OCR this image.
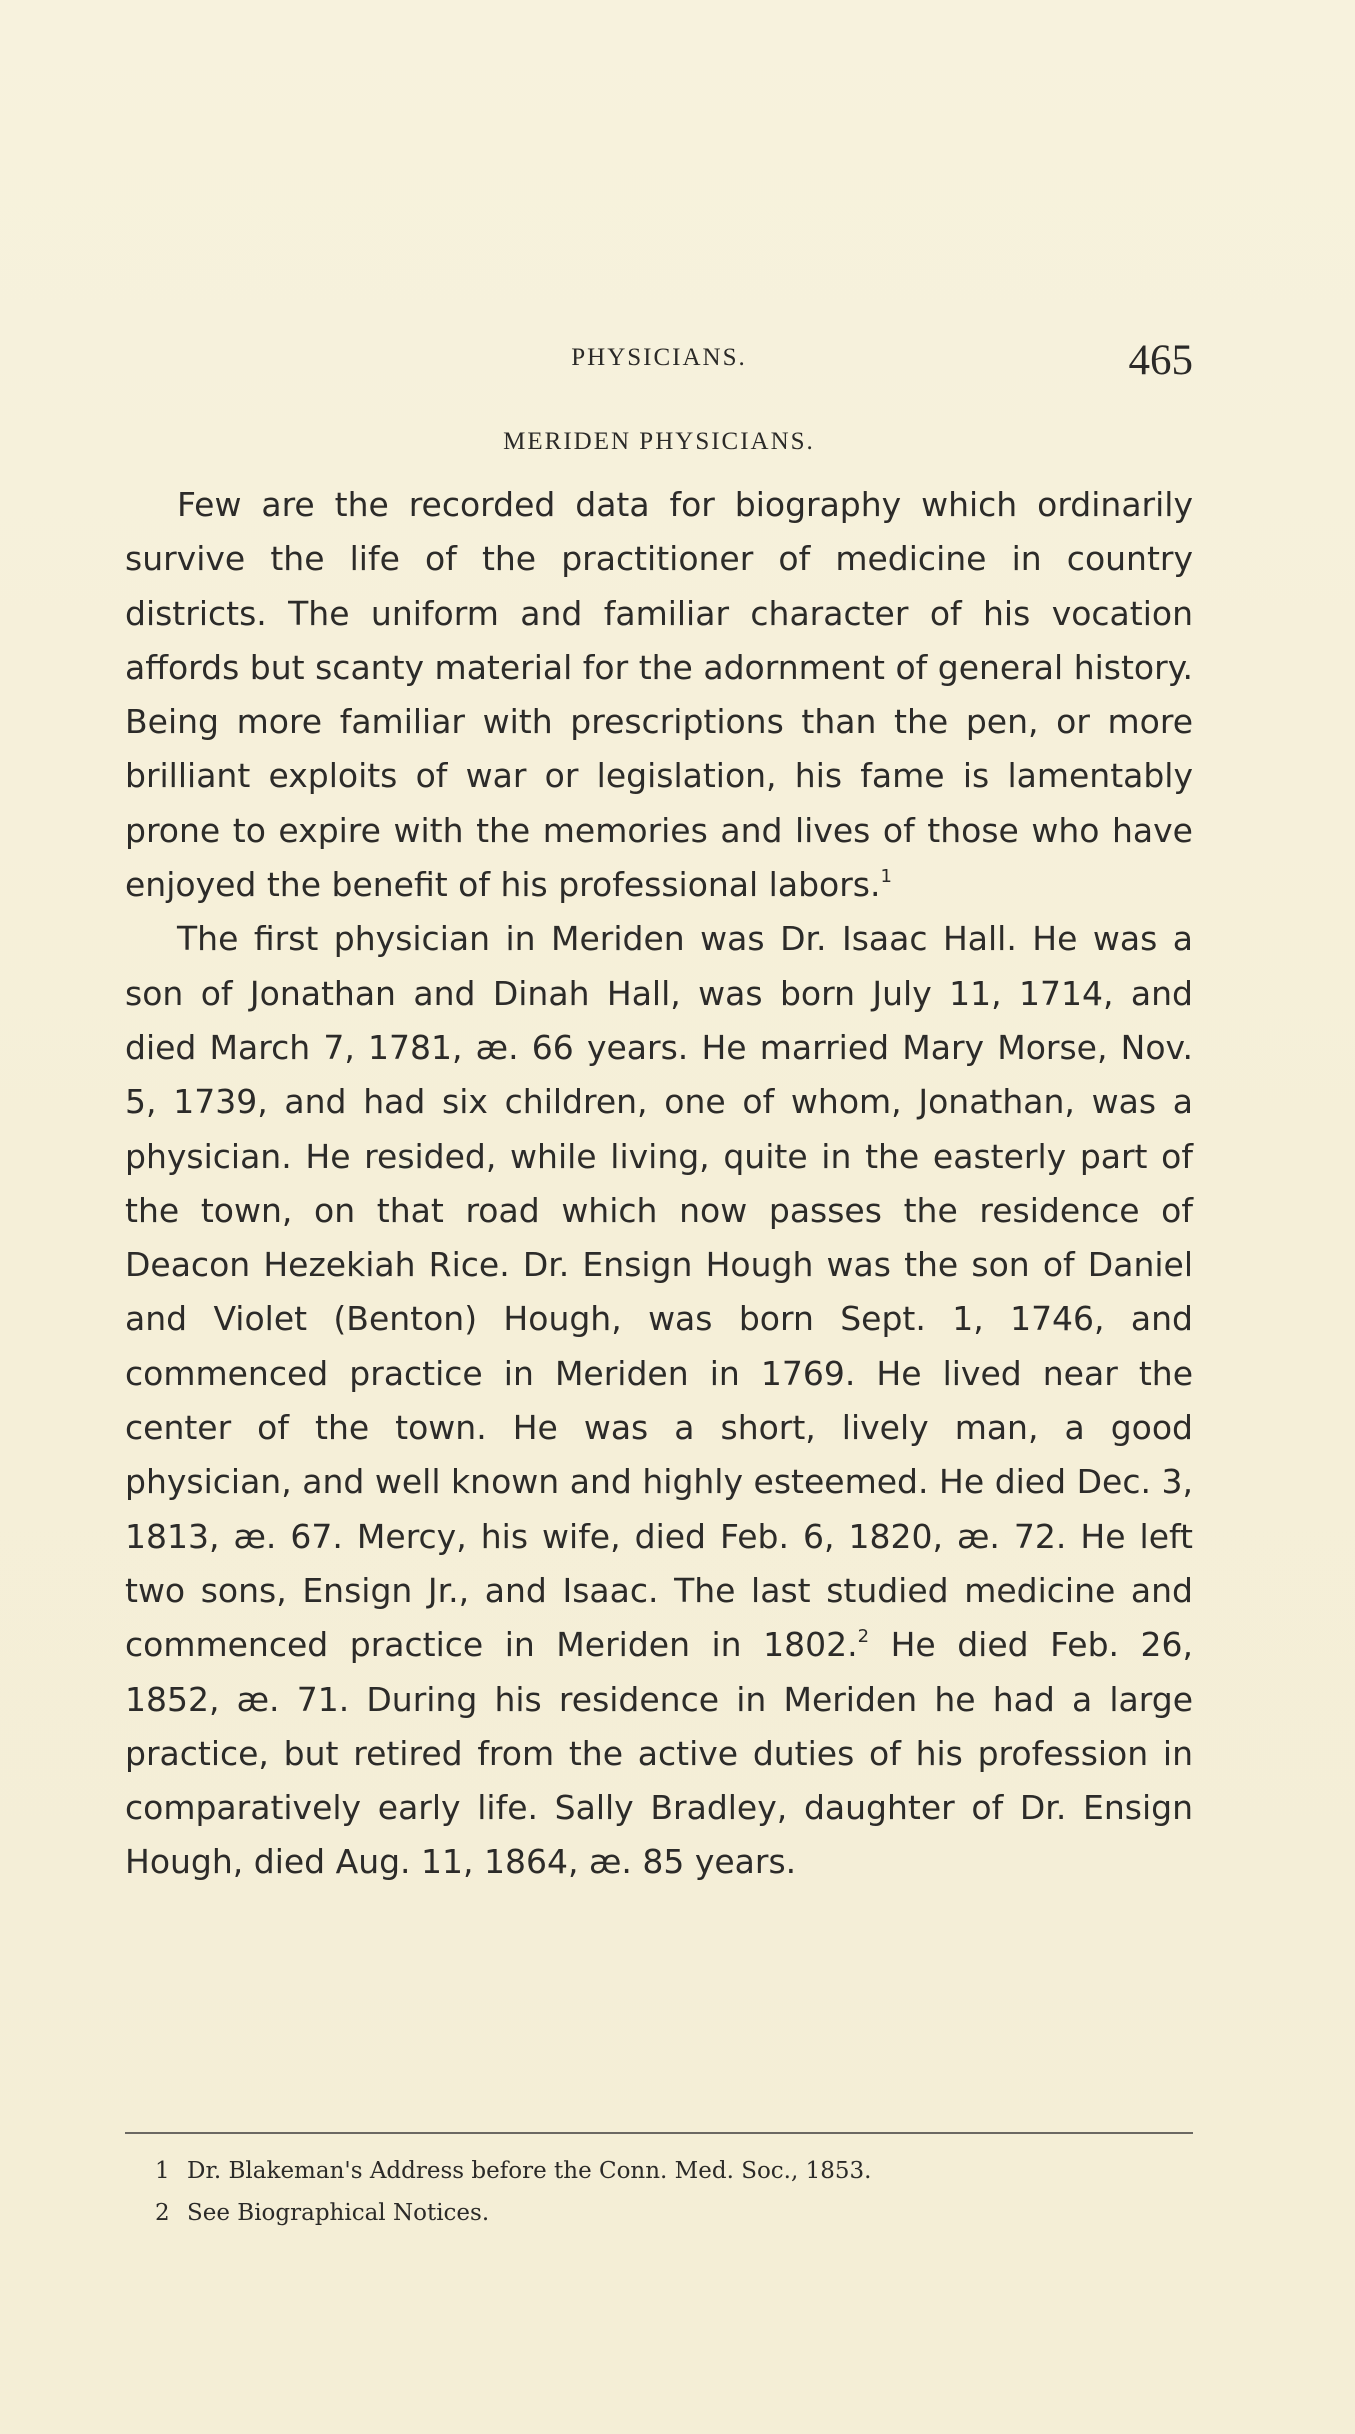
PHYSICIANS.	465
MERIDEN PHYSICIANS.

Few are the recorded data for biography which ordinarily survive the life of the practitioner of medicine in country districts. The uniform and familiar character of his vocation affords but scanty material for the adornment of general history. Being more familiar with prescriptions than the pen, or more brilliant exploits of war or legislation, his fame is lamentably prone to expire with the memories and lives of those who have enjoyed the benefit of his professional labors.$^1$

The first physician in Meriden was Dr. Isaac Hall. He was a son of Jonathan and Dinah Hall, was born July 11, 1714, and died March 7, 1781, æ. 66 years. He married Mary Morse, Nov. 5, 1739, and had six children, one of whom, Jonathan, was a physician. He resided, while living, quite in the easterly part of the town, on that road which now passes the residence of Deacon Hezekiah Rice. Dr. Ensign Hough was the son of Daniel and Violet (Benton) Hough, was born Sept. 1, 1746, and commenced practice in Meriden in 1769. He lived near the center of the town. He was a short, lively man, a good physician, and well known and highly esteemed. He died Dec. 3, 1813, æ. 67. Mercy, his wife, died Feb. 6, 1820, æ. 72. He left two sons, Ensign Jr., and Isaac. The last studied medicine and commenced practice in Meriden in 1802.$^2$ He died Feb. 26, 1852, æ. 71. During his residence in Meriden he had a large practice, but retired from the active duties of his profession in comparatively early life. Sally Bradley, daughter of Dr. Ensign Hough, died Aug. 11, 1864, æ. 85 years.

1 Dr. Blakeman's Address before the Conn. Med. Soc., 1853.
2 See Biographical Notices.
